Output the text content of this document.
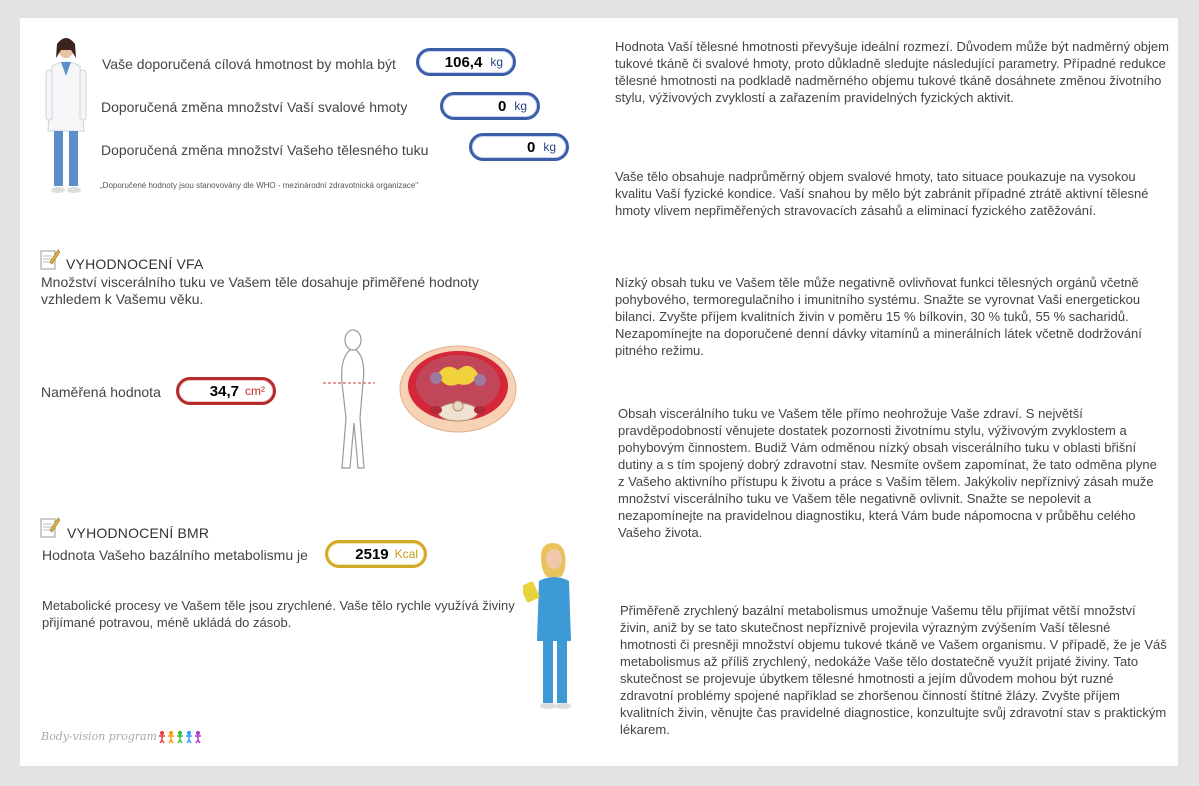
Vaše doporučená cílová hmotnost by mohla být	106,4 kg
Doporučená změna množství Vaší svalové hmoty	0 kg
Doporučená změna množství Vašeho tělesného tuku	0 kg
„Doporučené hodnoty jsou stanovovány dle WHO - mezinárodní zdravotnická organizace"
VYHODNOCENÍ VFA
Množství viscerálního tuku ve Vašem těle dosahuje přiměřené hodnoty vzhledem k Vašemu věku.
Naměřená hodnota	34,7 cm²
VYHODNOCENÍ BMR
Hodnota Vašeho bazálního metabolismu je	2519 Kcal
Metabolické procesy ve Vašem těle jsou zrychlené. Vaše tělo rychle využívá živiny přijímané potravou, méně ukládá do zásob.
Hodnota Vaší tělesné hmotnosti převyšuje ideální rozmezí. Důvodem může být nadměrný objem tukové tkáně či svalové hmoty, proto důkladně sledujte následující parametry. Případné redukce tělesné hmotnosti na podkladě nadměrného objemu tukové tkáně dosáhnete změnou životního stylu, výživových zvyklostí a zařazením pravidelných fyzických aktivit.
Vaše tělo obsahuje nadprůměrný objem svalové hmoty, tato situace poukazuje na vysokou kvalitu Vaší fyzické kondice. Vaší snahou by mělo být zabránit případné ztrátě aktivní tělesné hmoty vlivem nepřiměřených stravovacích zásahů a eliminací fyzického zatěžování.
Nízký obsah tuku ve Vašem těle může negativně ovlivňovat funkci tělesných orgánů včetně pohybového, termoregulačního i imunitního systému. Snažte se vyrovnat Vaši energetickou bilanci. Zvyšte příjem kvalitních živin v poměru 15 % bílkovin, 30 % tuků, 55 % sacharidů. Nezapomínejte na doporučené denní dávky vitamínů a minerálních látek včetně dodržování pitného režimu.
Obsah viscerálního tuku ve Vašem těle přímo neohrožuje Vaše zdraví. S největší pravděpodobností věnujete dostatek pozornosti životnímu stylu, výživovým zvyklostem a pohybovým činnostem. Budiž Vám odměnou nízký obsah viscerálního tuku v oblasti břišní dutiny a s tím spojený dobrý zdravotní stav. Nesmíte ovšem zapomínat, že tato odměna plyne z Vašeho aktivního přístupu k životu a práce s Vaším tělem. Jakýkoliv nepříznivý zásah muže množství viscerálního tuku ve Vašem těle negativně ovlivnit. Snažte se nepolevit a nezapomínejte na pravidelnou diagnostiku, která Vám bude nápomocna v průběhu celého Vašeho života.
Přiměřeně zrychlený bazální metabolismus umožnuje Vašemu tělu přijímat větší množství živin, aniž by se tato skutečnost nepříznivě projevila výrazným zvýšením Vaší tělesné hmotnosti či presněji množství objemu tukové tkáně ve Vašem organismu. V případě, že je Váš metabolismus až příliš zrychlený, nedokáže Vaše tělo dostatečně využít prijaté živiny. Tato skutečnost se projevuje úbytkem tělesné hmotnosti a jejím důvodem mohou být ruzné zdravotní problémy spojené například se zhoršenou činností štítné žlázy. Zvyšte příjem kvalitních živin, věnujte čas pravidelné diagnostice, konzultujte svůj zdravotní stav s praktickým lékarem.
Body-vision program
